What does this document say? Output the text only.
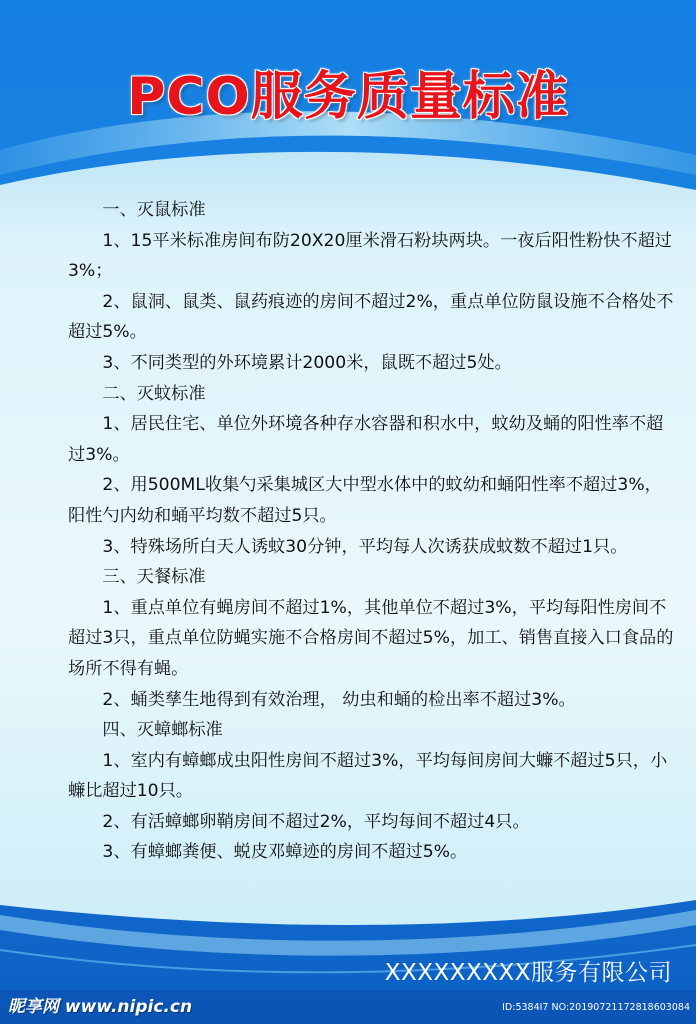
PCO服务质量标准

一、灭鼠标准

1、15平米标准房间布防20X20厘米滑石粉块两块。一夜后阳性粉快不超过3%；

2、鼠洞、鼠类、鼠药痕迹的房间不超过2%，重点单位防鼠设施不合格处不超过5%。

3、不同类型的外环境累计2000米，鼠既不超过5处。

二、灭蚊标准

1、居民住宅、单位外环境各种存水容器和积水中，蚊幼及蛹的阳性率不超过3%。

2、用500ML收集勺采集城区大中型水体中的蚊幼和蛹阳性率不超过3%，阳性勺内幼和蛹平均数不超过5只。

3、特殊场所白天人诱蚊30分钟，平均每人次诱获成蚊数不超过1只。

三、天餐标准

1、重点单位有蝇房间不超过1%，其他单位不超过3%，平均每阳性房间不超过3只，重点单位防蝇实施不合格房间不超过5%，加工、销售直接入口食品的场所不得有蝇。

2、蛹类孳生地得到有效治理， 幼虫和蛹的检出率不超过3%。

四、灭蟑螂标准

1、室内有蟑螂成虫阳性房间不超过3%，平均每间房间大蠊不超过5只，小蠊比超过10只。

2、有活蟑螂卵鞘房间不超过2%，平均每间不超过4只。

3、有蟑螂粪便、蜕皮邓蟑迹的房间不超过5%。

XXXXXXXXX服务有限公司
昵享网 www.nipic.cn	ID:5384I7 NO:20190721172818603084
